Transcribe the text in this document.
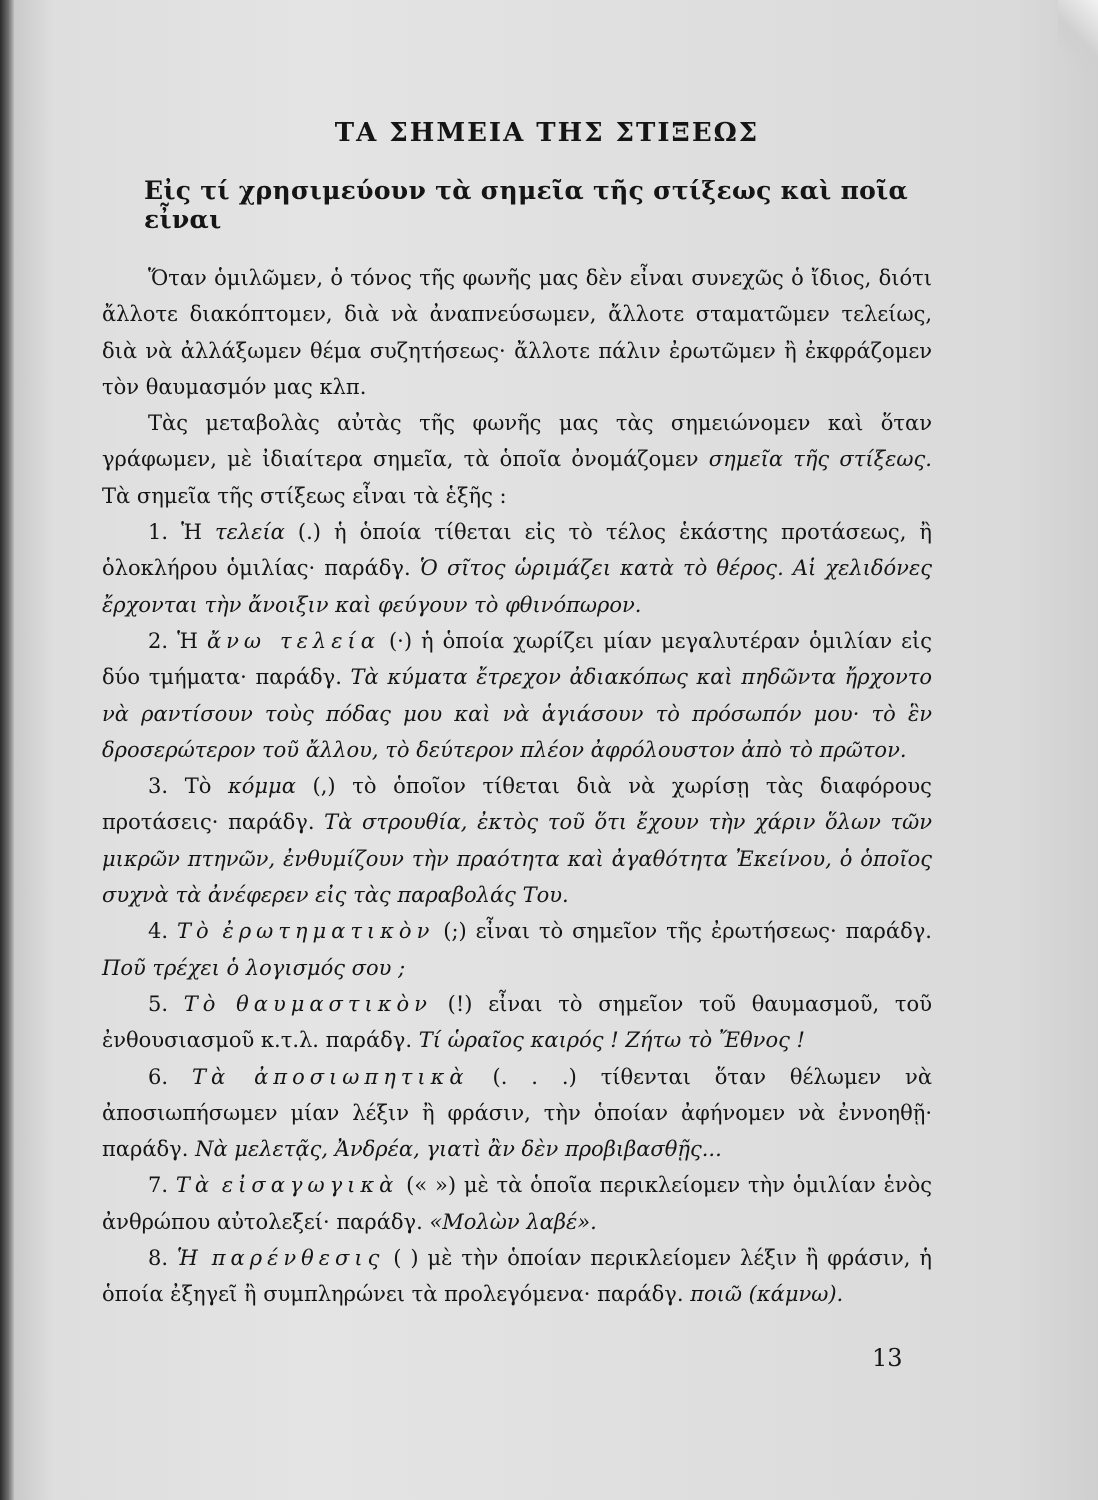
ΤΑ ΣΗΜΕΙΑ ΤΗΣ ΣΤΙΞΕΩΣ
Εἰς τί χρησιμεύουν τὰ σημεῖα τῆς στίξεως καὶ ποῖα εἶναι

Ὅταν ὁμιλῶμεν, ὁ τόνος τῆς φωνῆς μας δὲν εἶναι συνεχῶς ὁ ἴδιος, διότι ἄλλοτε διακόπτομεν, διὰ νὰ ἀναπνεύσωμεν, ἄλλοτε σταματῶμεν τελείως, διὰ νὰ ἀλλάξωμεν θέμα συζητήσεως· ἄλλοτε πάλιν ἐρωτῶμεν ἢ ἐκφράζομεν τὸν θαυμασμόν μας κλπ.

Τὰς μεταβολὰς αὐτὰς τῆς φωνῆς μας τὰς σημειώνομεν καὶ ὅταν γράφωμεν, μὲ ἰδιαίτερα σημεῖα, τὰ ὁποῖα ὀνομάζομεν σημεῖα τῆς στίξεως. Τὰ σημεῖα τῆς στίξεως εἶναι τὰ ἑξῆς :

1. Ἡ τελεία (.) ἡ ὁποία τίθεται εἰς τὸ τέλος ἑκάστης προτάσεως, ἢ ὁλοκλήρου ὁμιλίας· παράδγ. Ὁ σῖτος ὡριμάζει κατὰ τὸ θέρος. Αἱ χελιδόνες ἔρχονται τὴν ἄνοιξιν καὶ φεύγουν τὸ φθινόπωρον.

2. Ἡ ἄνω τελεία (·) ἡ ὁποία χωρίζει μίαν μεγαλυτέραν ὁμιλίαν εἰς δύο τμήματα· παράδγ. Τὰ κύματα ἔτρεχον ἀδιακόπως καὶ πηδῶντα ἤρχοντο νὰ ραντίσουν τοὺς πόδας μου καὶ νὰ ἁγιάσουν τὸ πρόσωπόν μου· τὸ ἓν δροσερώτερον τοῦ ἄλλου, τὸ δεύτερον πλέον ἀφρόλουστον ἀπὸ τὸ πρῶτον.

3. Τὸ κόμμα (,) τὸ ὁποῖον τίθεται διὰ νὰ χωρίσῃ τὰς διαφόρους προτάσεις· παράδγ. Τὰ στρουθία, ἐκτὸς τοῦ ὅτι ἔχουν τὴν χάριν ὅλων τῶν μικρῶν πτηνῶν, ἐνθυμίζουν τὴν πραότητα καὶ ἀγαθότητα Ἐκείνου, ὁ ὁποῖος συχνὰ τὰ ἀνέφερεν εἰς τὰς παραβολάς Του.

4. Τὸ ἐρωτηματικὸν (;) εἶναι τὸ σημεῖον τῆς ἐρωτήσεως· παράδγ. Ποῦ τρέχει ὁ λογισμός σου ;

5. Τὸ θαυμαστικὸν (!) εἶναι τὸ σημεῖον τοῦ θαυμασμοῦ, τοῦ ἐνθουσιασμοῦ κ.τ.λ. παράδγ. Τί ὡραῖος καιρός ! Ζήτω τὸ Ἔθνος !

6. Τὰ ἀποσιωπητικὰ (. . .) τίθενται ὅταν θέλωμεν νὰ ἀποσιωπήσωμεν μίαν λέξιν ἢ φράσιν, τὴν ὁποίαν ἀφήνομεν νὰ ἐννοηθῇ· παράδγ. Νὰ μελετᾷς, Ἀνδρέα, γιατὶ ἂν δὲν προβιβασθῇς...

7. Τὰ εἰσαγωγικὰ (« ») μὲ τὰ ὁποῖα περικλείομεν τὴν ὁμιλίαν ἑνὸς ἀνθρώπου αὐτολεξεί· παράδγ. «Μολὼν λαβέ».

8. Ἡ παρένθεσις ( ) μὲ τὴν ὁποίαν περικλείομεν λέξιν ἢ φράσιν, ἡ ὁποία ἐξηγεῖ ἢ συμπληρώνει τὰ προλεγόμενα· παράδγ. ποιῶ (κάμνω).

13
